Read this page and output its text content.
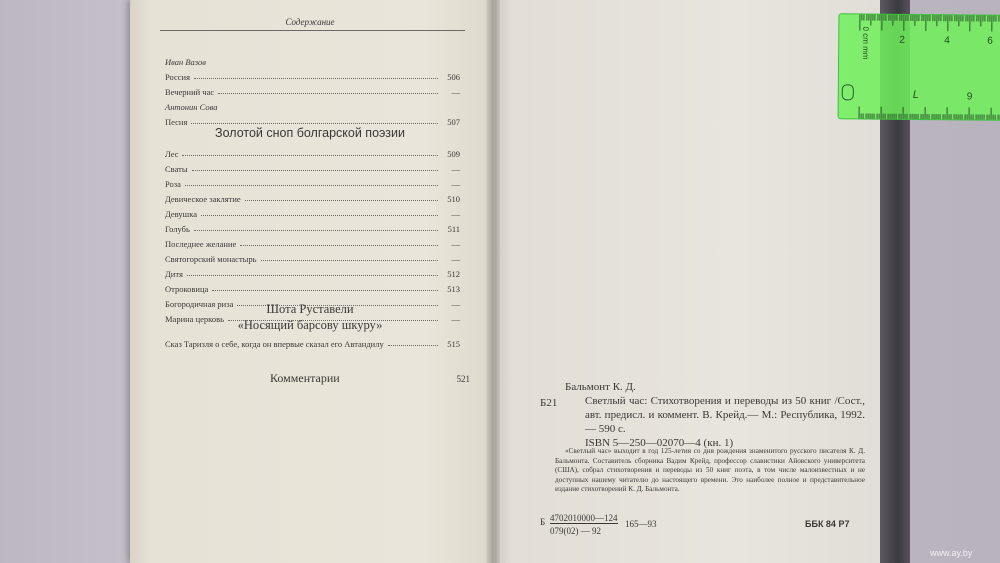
Содержание
Иван Вазов
Россия	506
Вечерний час	—
Антонин Сова
Песня	507
Золотой сноп болгарской поэзии
Лес	509
Сваты	—
Роза	—
Девическое заклятие	510
Девушка	—
Голубь	511
Последнее желание	—
Святогорский монастырь	—
Дитя	512
Отроковица	513
Богородичная риза	—
Марина церковь	—
Шота Руставели
«Носящий барсову шкуру»
Сказ Таризля о себе, когда он впервые сказал его Автандилу	515
Комментарии	521
Б21
Бальмонт К. Д.
Светлый час: Стихотворения и переводы из 50 книг /Сост., авт. предисл. и коммент. В. Крейд.— М.: Республика, 1992.— 590 с.
ISBN 5—250—02070—4 (кн. 1)
«Светлый час» выходит в год 125-летия со дня рождения знаменитого русского писателя К. Д. Бальмонта. Составитель сборника Вадим Крейд, профессор славистики Айовского университета (США), собрал стихотворения и переводы из 50 книг поэта, в том числе малоизвестных и не доступных нашему читателю до настоящего времени. Это наиболее полное и представительное издание стихотворений К. Д. Бальмонта.
Б 4702010000—124
079(02) — 92
165—93	ББК 84 Р7
0 cm mm	2	4	6
L	9
www.ay.by
